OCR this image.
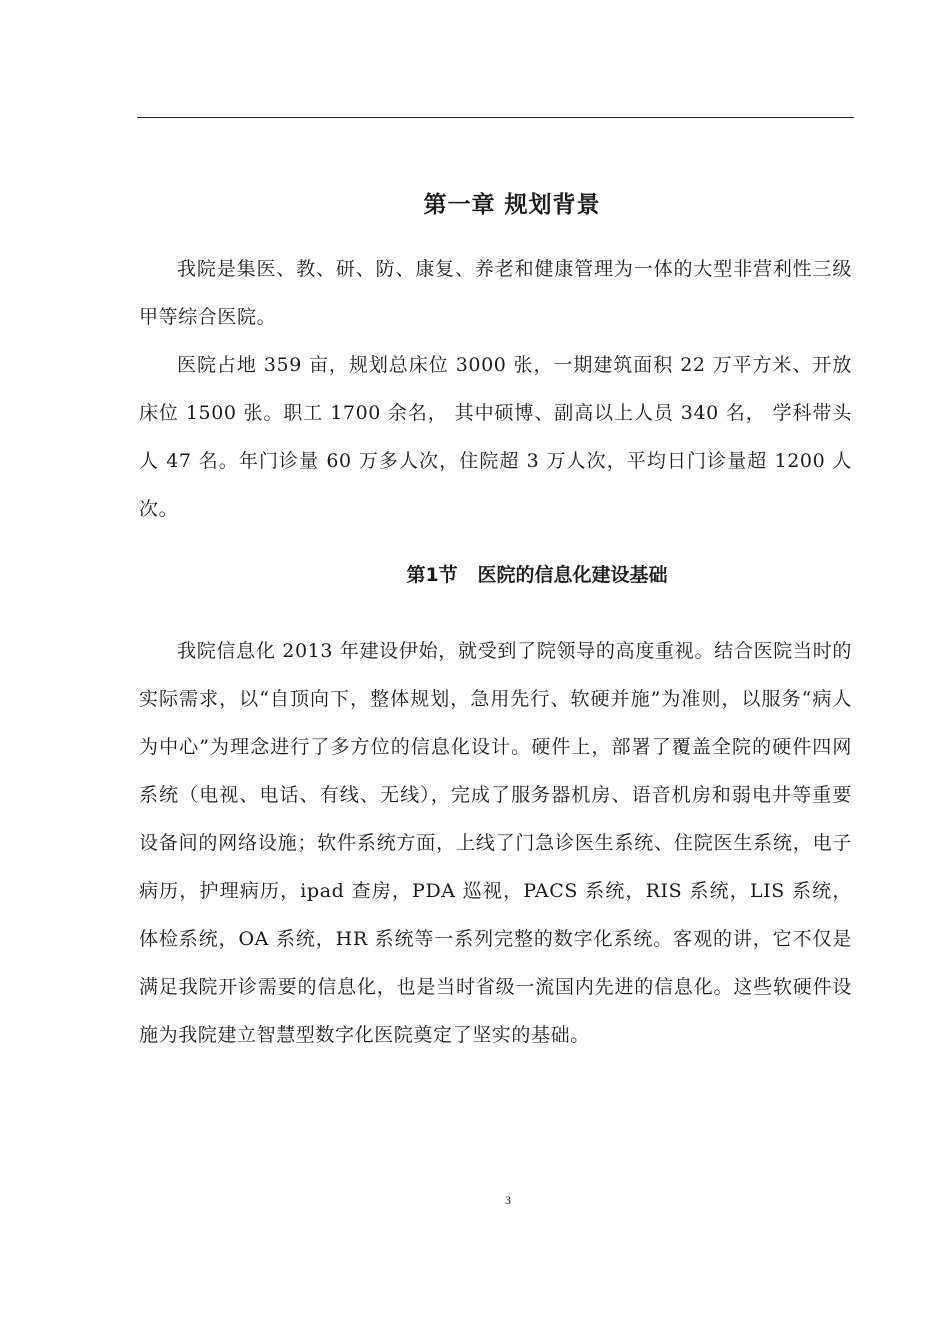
第一章 规划背景

我院是集医、教、研、防、康复、养老和健康管理为一体的大型非营利性三级甲等综合医院。

医院占地 359 亩，规划总床位 3000 张，一期建筑面积 22 万平方米、开放床位 1500 张。职工 1700 余名， 其中硕博、副高以上人员 340 名， 学科带头人 47 名。年门诊量 60 万多人次，住院超 3 万人次，平均日门诊量超 1200 人次。

第1节   医院的信息化建设基础

我院信息化 2013 年建设伊始，就受到了院领导的高度重视。结合医院当时的实际需求，以“自顶向下，整体规划，急用先行、软硬并施”为准则，以服务“病人为中心”为理念进行了多方位的信息化设计。硬件上，部署了覆盖全院的硬件四网系统（电视、电话、有线、无线），完成了服务器机房、语音机房和弱电井等重要设备间的网络设施；软件系统方面，上线了门急诊医生系统、住院医生系统，电子病历，护理病历，ipad 查房，PDA 巡视，PACS 系统，RIS 系统，LIS 系统，体检系统，OA 系统，HR 系统等一系列完整的数字化系统。客观的讲，它不仅是满足我院开诊需要的信息化，也是当时省级一流国内先进的信息化。这些软硬件设施为我院建立智慧型数字化医院奠定了坚实的基础。

3
